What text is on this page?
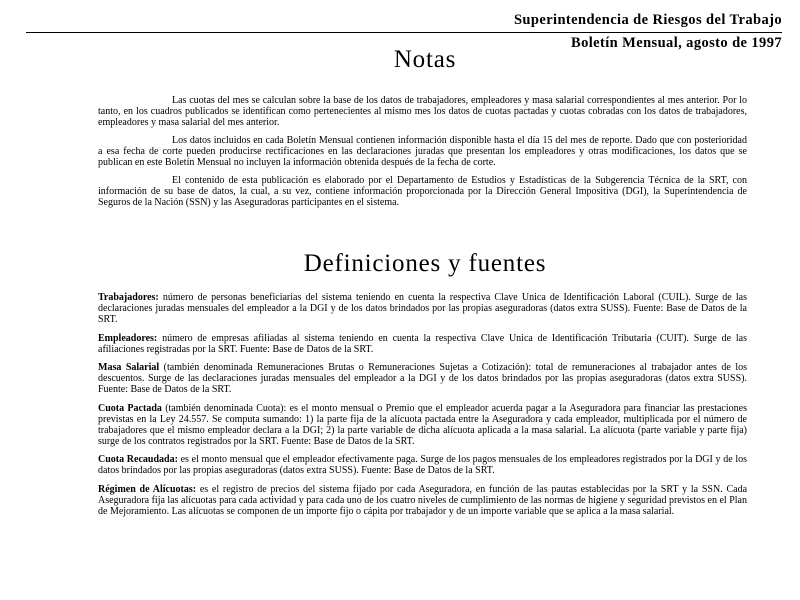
Superintendencia de Riesgos del Trabajo
Boletín Mensual, agosto de 1997
Notas

Las cuotas del mes se calculan sobre la base de los datos de trabajadores, empleadores y masa salarial correspondientes al mes anterior. Por lo tanto, en los cuadros publicados se identifican como pertenecientes al mismo mes los datos de cuotas pactadas y cuotas cobradas con los datos de trabajadores, empleadores y masa salarial del mes anterior.

Los datos incluidos en cada Boletín Mensual contienen información disponible hasta el día 15 del mes de reporte. Dado que con posterioridad a esa fecha de corte pueden producirse rectificaciones en las declaraciones juradas que presentan los empleadores y otras modificaciones, los datos que se publican en este Boletín Mensual no incluyen la información obtenida después de la fecha de corte.

El contenido de esta publicación es elaborado por el Departamento de Estudios y Estadísticas de la Subgerencia Técnica de la SRT, con información de su base de datos, la cual, a su vez, contiene información proporcionada por la Dirección General Impositiva (DGI), la Superintendencia de Seguros de la Nación (SSN) y las Aseguradoras participantes en el sistema.

Definiciones y fuentes

Trabajadores: número de personas beneficiarias del sistema teniendo en cuenta la respectiva Clave Unica de Identificación Laboral (CUIL). Surge de las declaraciones juradas mensuales del empleador a la DGI y de los datos brindados por las propias aseguradoras (datos extra SUSS). Fuente: Base de Datos de la SRT.

Empleadores: número de empresas afiliadas al sistema teniendo en cuenta la respectiva Clave Unica de Identificación Tributaria (CUIT). Surge de las afiliaciones registradas por la SRT. Fuente: Base de Datos de la SRT.

Masa Salarial (también denominada Remuneraciones Brutas o Remuneraciones Sujetas a Cotización): total de remuneraciones al trabajador antes de los descuentos. Surge de las declaraciones juradas mensuales del empleador a la DGI y de los datos brindados por las propias aseguradoras (datos extra SUSS). Fuente: Base de Datos de la SRT.

Cuota Pactada (también denominada Cuota): es el monto mensual o Premio que el empleador acuerda pagar a la Aseguradora para financiar las prestaciones previstas en la Ley 24.557. Se computa sumando: 1) la parte fija de la alícuota pactada entre la Aseguradora y cada empleador, multiplicada por el número de trabajadores que el mismo empleador declara a la DGI; 2) la parte variable de dicha alícuota aplicada a la masa salarial. La alícuota (parte variable y parte fija) surge de los contratos registrados por la SRT. Fuente: Base de Datos de la SRT.

Cuota Recaudada: es el monto mensual que el empleador efectivamente paga. Surge de los pagos mensuales de los empleadores registrados por la DGI y de los datos brindados por las propias aseguradoras (datos extra SUSS). Fuente: Base de Datos de la SRT.

Régimen de Alícuotas: es el registro de precios del sistema fijado por cada Aseguradora, en función de las pautas establecidas por la SRT y la SSN. Cada Aseguradora fija las alícuotas para cada actividad y para cada uno de los cuatro niveles de cumplimiento de las normas de higiene y seguridad previstos en el Plan de Mejoramiento. Las alícuotas se componen de un importe fijo o cápita por trabajador y de un importe variable que se aplica a la masa salarial.
